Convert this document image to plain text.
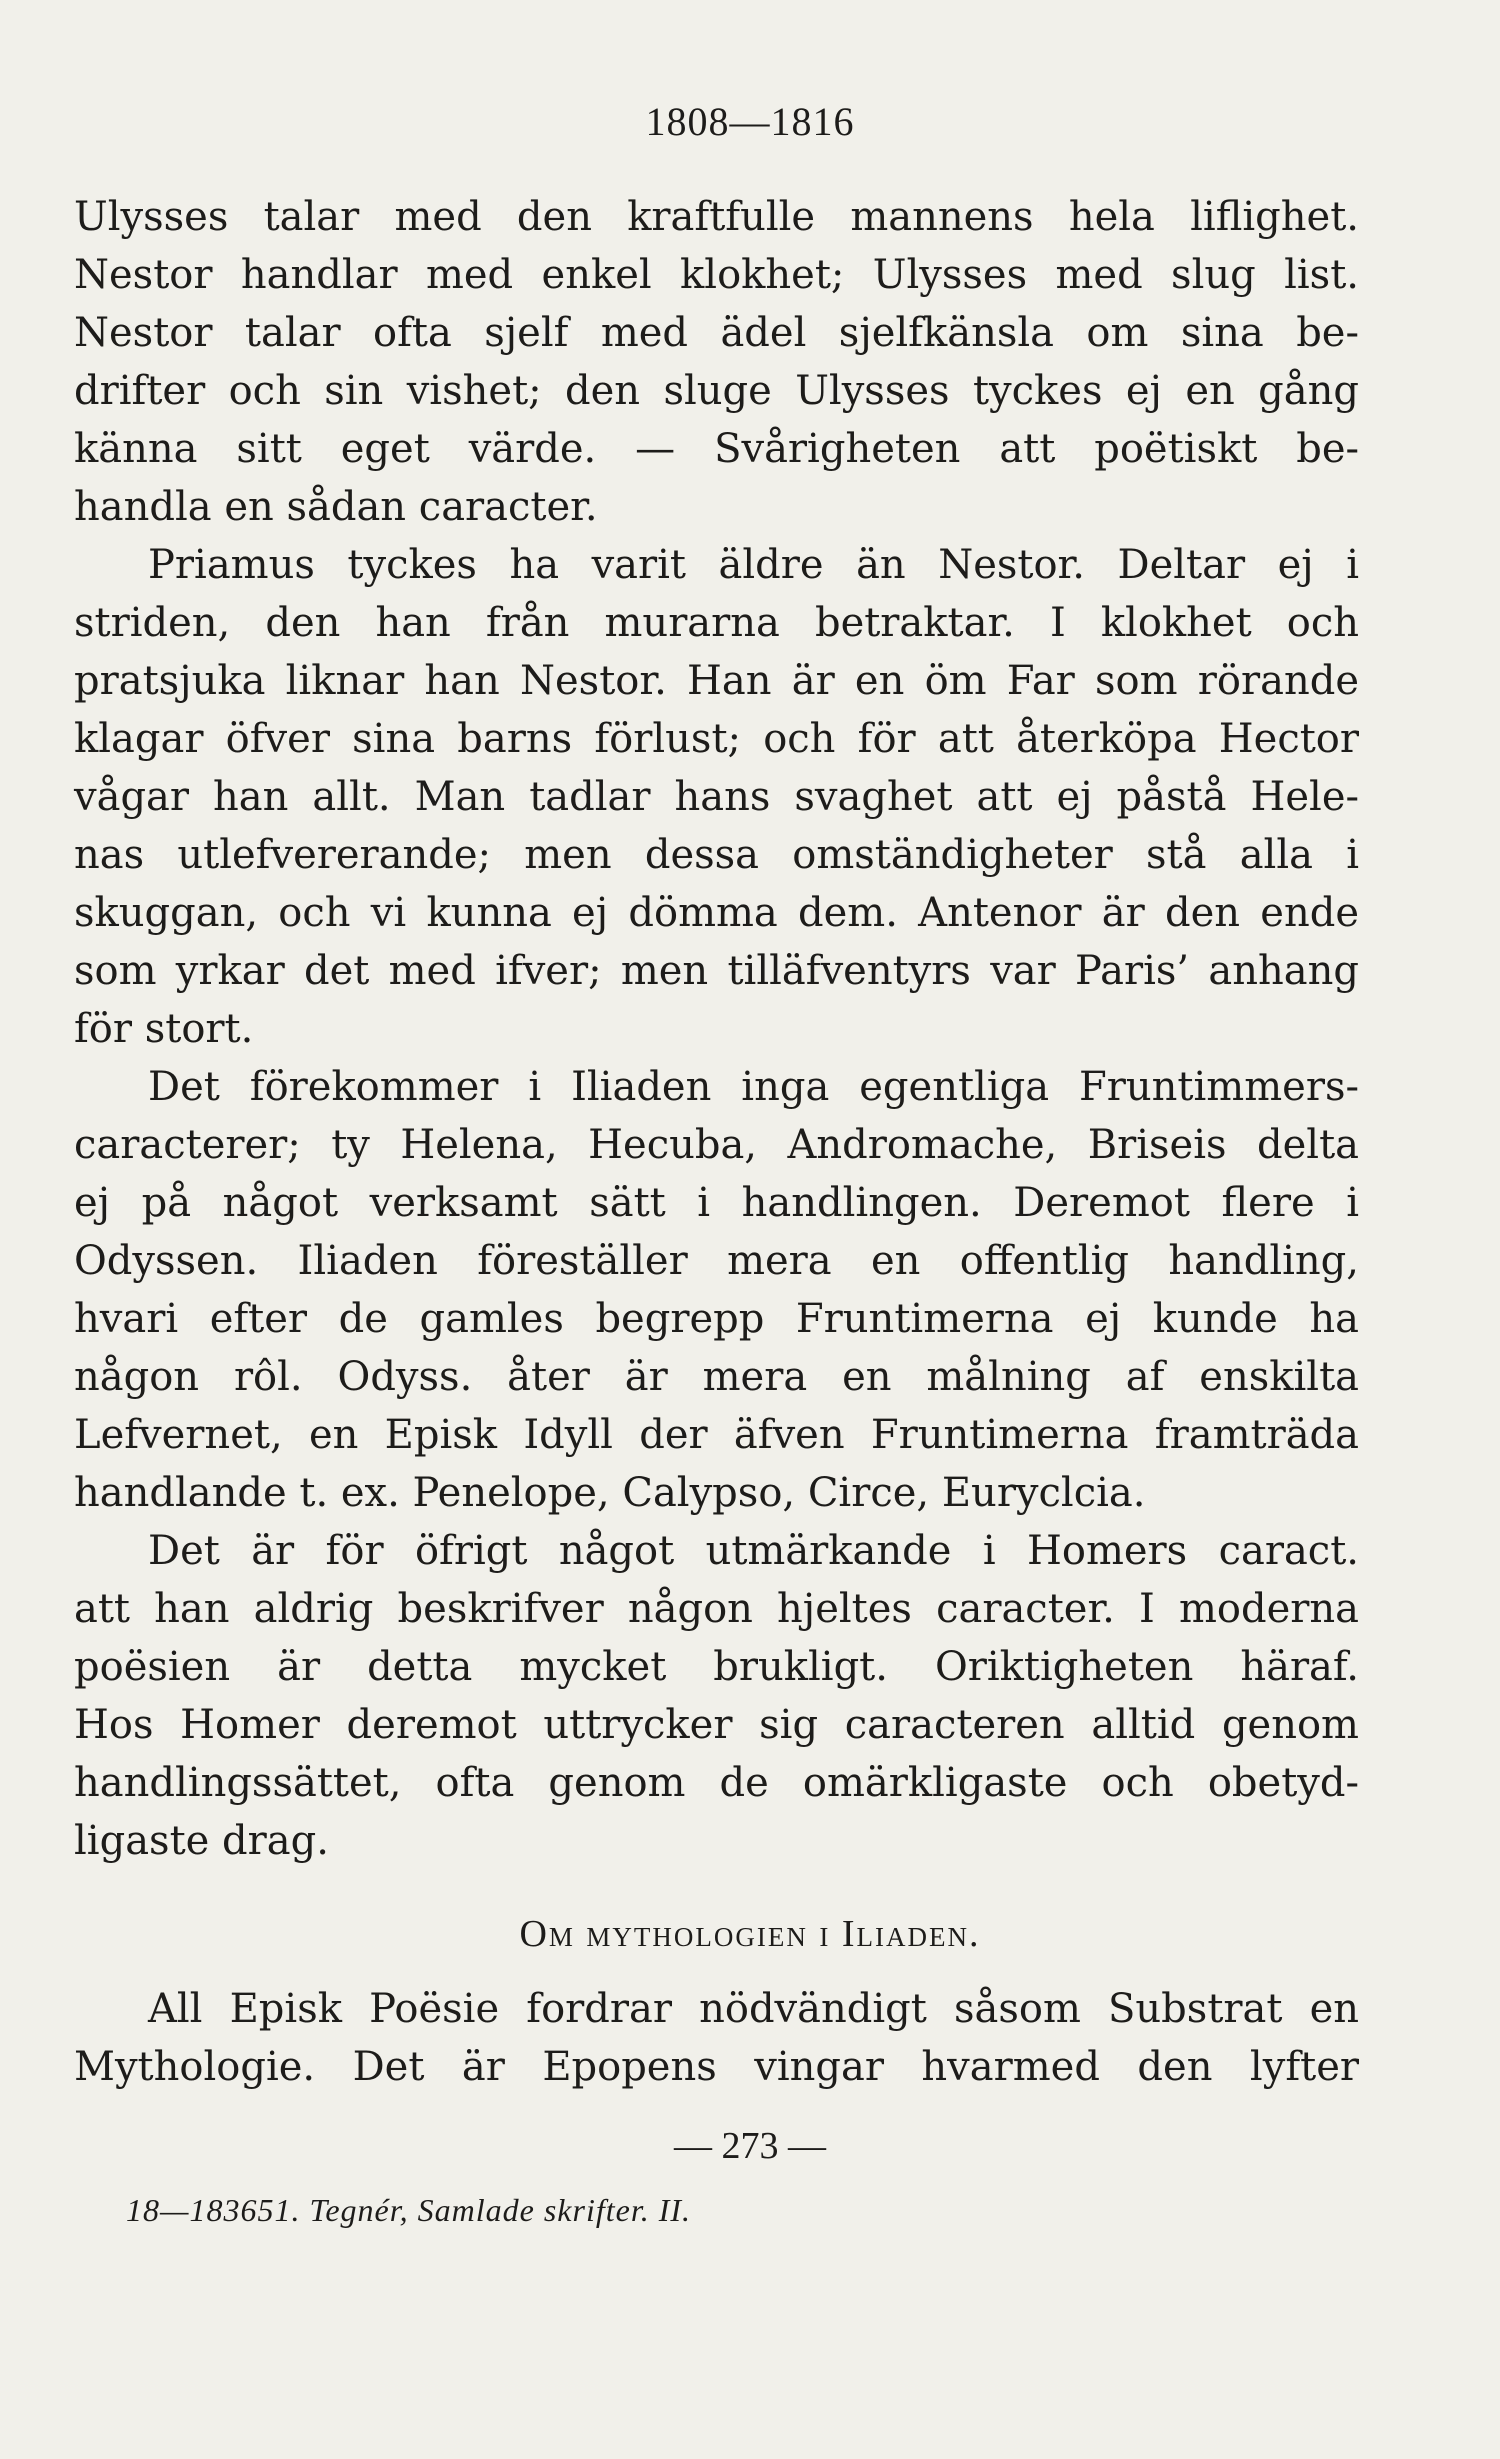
1808—1816
Ulysses talar med den kraftfulle mannens hela liflighet.
Nestor handlar med enkel klokhet; Ulysses med slug list.
Nestor talar ofta sjelf med ädel sjelfkänsla om sina be-
drifter och sin vishet; den sluge Ulysses tyckes ej en gång
känna sitt eget värde. — Svårigheten att poëtiskt be-
handla en sådan caracter.
Priamus tyckes ha varit äldre än Nestor. Deltar ej i
striden, den han från murarna betraktar. I klokhet och
pratsjuka liknar han Nestor. Han är en öm Far som rörande
klagar öfver sina barns förlust; och för att återköpa Hector
vågar han allt. Man tadlar hans svaghet att ej påstå Hele-
nas utlefvererande; men dessa omständigheter stå alla i
skuggan, och vi kunna ej dömma dem. Antenor är den ende
som yrkar det med ifver; men tilläfventyrs var Paris’ anhang
för stort.
Det förekommer i Iliaden inga egentliga Fruntimmers-
caracterer; ty Helena, Hecuba, Andromache, Briseis delta
ej på något verksamt sätt i handlingen. Deremot flere i
Odyssen. Iliaden föreställer mera en offentlig handling,
hvari efter de gamles begrepp Fruntimerna ej kunde ha
någon rôl. Odyss. åter är mera en målning af enskilta
Lefvernet, en Episk Idyll der äfven Fruntimerna framträda
handlande t. ex. Penelope, Calypso, Circe, Euryclcia.
Det är för öfrigt något utmärkande i Homers caract.
att han aldrig beskrifver någon hjeltes caracter. I moderna
poësien är detta mycket brukligt. Oriktigheten häraf.
Hos Homer deremot uttrycker sig caracteren alltid genom
handlingssättet, ofta genom de omärkligaste och obetyd-
ligaste drag.
Om mythologien i Iliaden.
All Episk Poësie fordrar nödvändigt såsom Substrat en
Mythologie. Det är Epopens vingar hvarmed den lyfter
— 273 —
18—183651. Tegnér, Samlade skrifter. II.
